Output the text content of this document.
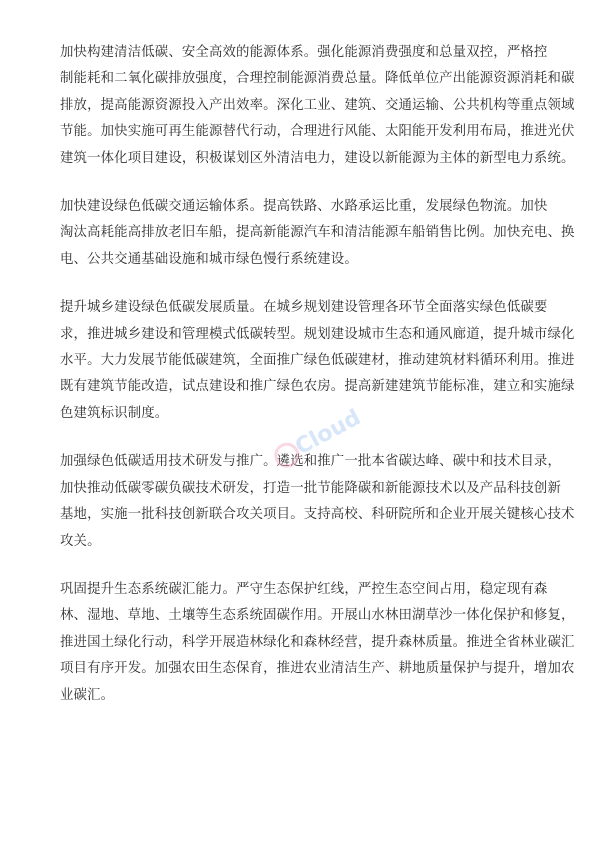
加快构建清洁低碳、安全高效的能源体系。强化能源消费强度和总量双控，严格控
制能耗和二氧化碳排放强度，合理控制能源消费总量。降低单位产出能源资源消耗和碳
排放，提高能源资源投入产出效率。深化工业、建筑、交通运输、公共机构等重点领域
节能。加快实施可再生能源替代行动，合理进行风能、太阳能开发利用布局，推进光伏
建筑一体化项目建设，积极谋划区外清洁电力，建设以新能源为主体的新型电力系统。

加快建设绿色低碳交通运输体系。提高铁路、水路承运比重，发展绿色物流。加快
淘汰高耗能高排放老旧车船，提高新能源汽车和清洁能源车船销售比例。加快充电、换
电、公共交通基础设施和城市绿色慢行系统建设。

提升城乡建设绿色低碳发展质量。在城乡规划建设管理各环节全面落实绿色低碳要
求，推进城乡建设和管理模式低碳转型。规划建设城市生态和通风廊道，提升城市绿化
水平。大力发展节能低碳建筑，全面推广绿色低碳建材，推动建筑材料循环利用。推进
既有建筑节能改造，试点建设和推广绿色农房。提高新建建筑节能标准，建立和实施绿
色建筑标识制度。

加强绿色低碳适用技术研发与推广。遴选和推广一批本省碳达峰、碳中和技术目录，
加快推动低碳零碳负碳技术研发，打造一批节能降碳和新能源技术以及产品科技创新
基地，实施一批科技创新联合攻关项目。支持高校、科研院所和企业开展关键核心技术
攻关。

巩固提升生态系统碳汇能力。严守生态保护红线，严控生态空间占用，稳定现有森
林、湿地、草地、土壤等生态系统固碳作用。开展山水林田湖草沙一体化保护和修复，
推进国土绿化行动，科学开展造林绿化和森林经营，提升森林质量。推进全省林业碳汇
项目有序开发。加强农田生态保育，推进农业清洁生产、耕地质量保护与提升，增加农
业碳汇。

Cloud
